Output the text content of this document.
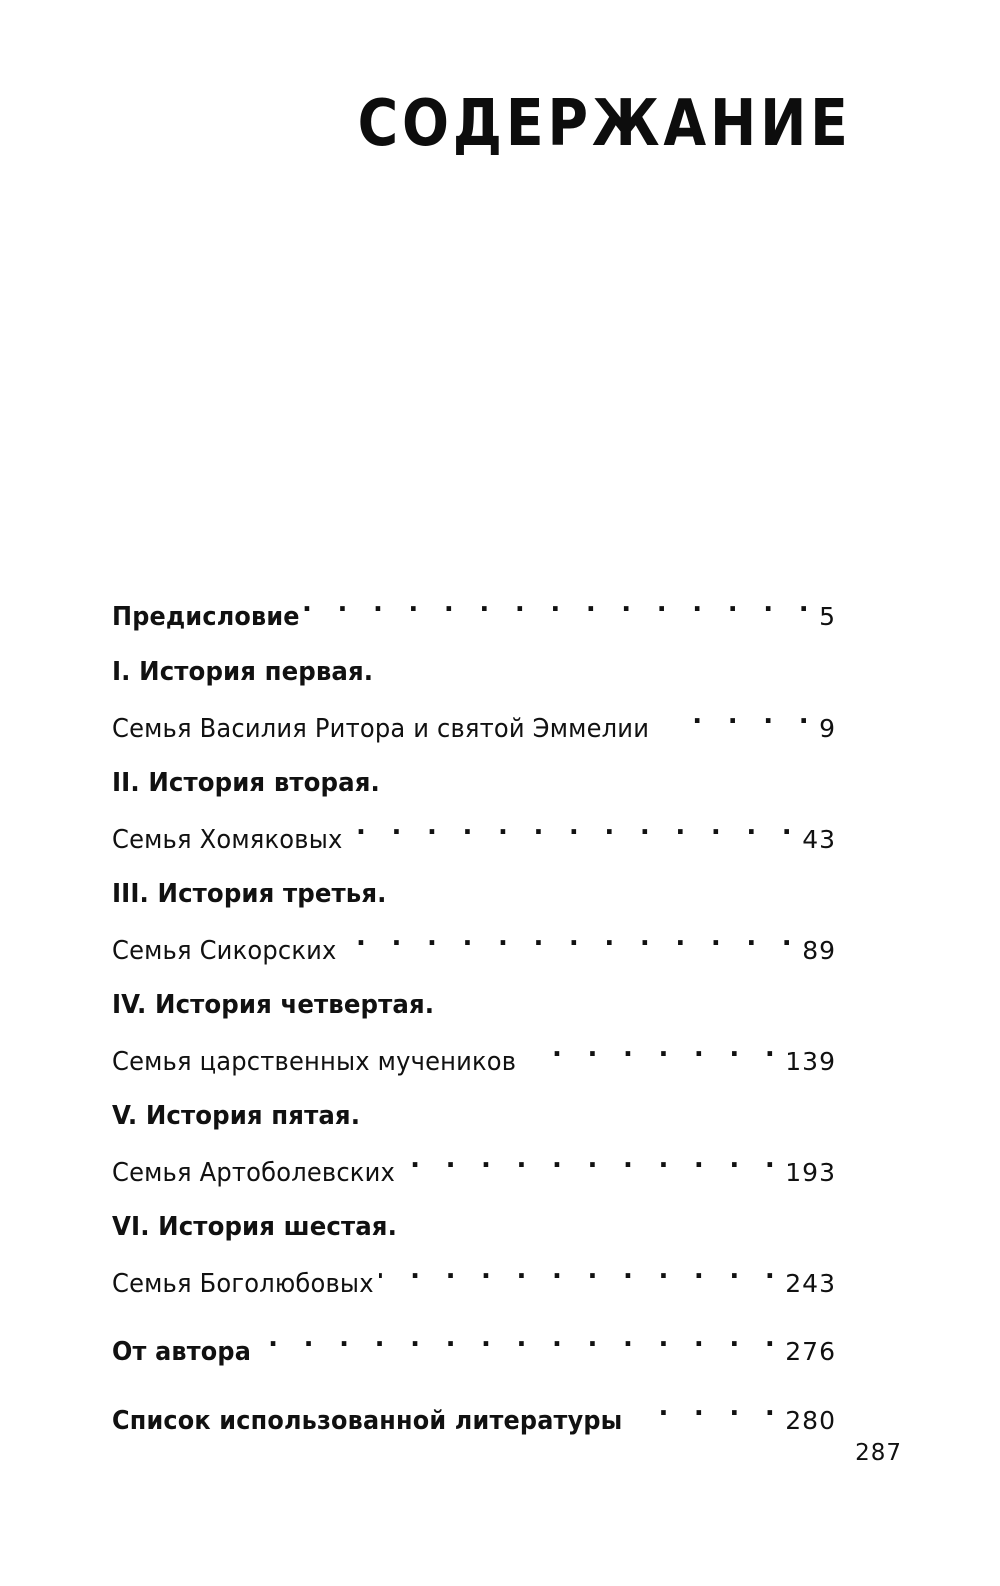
СОДЕРЖАНИЕ
Предисловие . .	5
I. История первая.
Семья Василия Ритора и святой Эммелии . .	9
II. История вторая.
Семья Хомяковых . .	43
III. История третья.
Семья Сикорских . .	89
IV. История четвертая.
Семья царственных мучеников . .	139
V. История пятая.
Семья Артоболевских . .	193
VI. История шестая.
Семья Боголюбовых . .	243
От автора . .	276
Список использованной литературы . .	280
287
